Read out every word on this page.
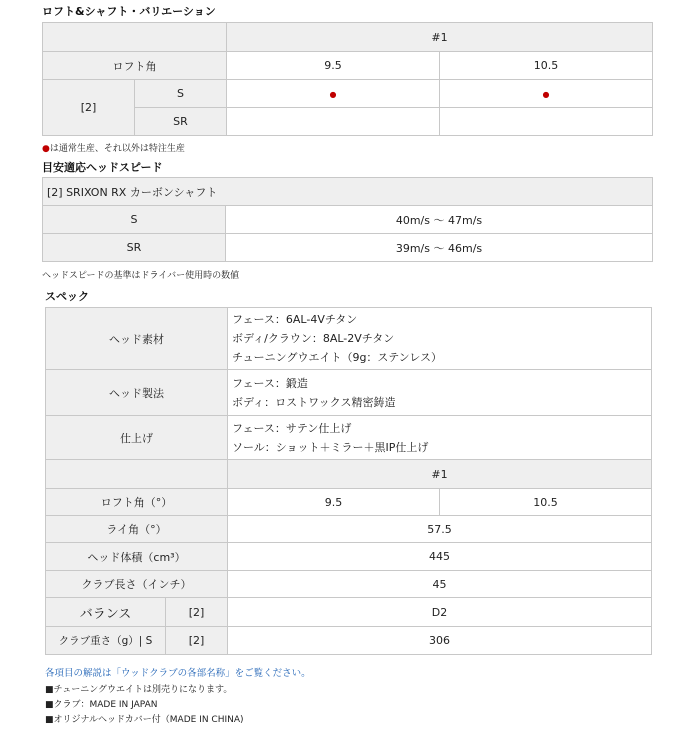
ロフト&シャフト・バリエーション
		#1	
ロフト角		9.5	10.5
[2]	S	●	●
	SR		
●は通常生産、それ以外は特注生産
目安適応ヘッドスピード
[2] SRIXON RX カーボンシャフト	
S	40m/s ～ 47m/s
SR	39m/s ～ 46m/s
ヘッドスピードの基準はドライバー使用時の数値
スペック
ヘッド素材		フェース：6AL-4Vチタン
ボディ/クラウン：8AL-2Vチタン
チューニングウエイト（9g：ステンレス）	

ヘッド製法		フェース：鍛造
ボディ：ロストワックス精密鋳造	

仕上げ		フェース：サテン仕上げ
ソール：ショット＋ミラー＋黒IP仕上げ	

		#1	
ロフト角（°）		9.5	10.5
ライ角（°）		57.5	
ヘッド体積（cm³）		445	
クラブ長さ（インチ）		45	
バランス	[2]	D2	
クラブ重さ（g）| S	[2]	306	
各項目の解説は「ウッドクラブの各部名称」をご覧ください。
■チューニングウエイトは別売りになります。
■クラブ：MADE IN JAPAN
■オリジナルヘッドカバー付（MADE IN CHINA)
